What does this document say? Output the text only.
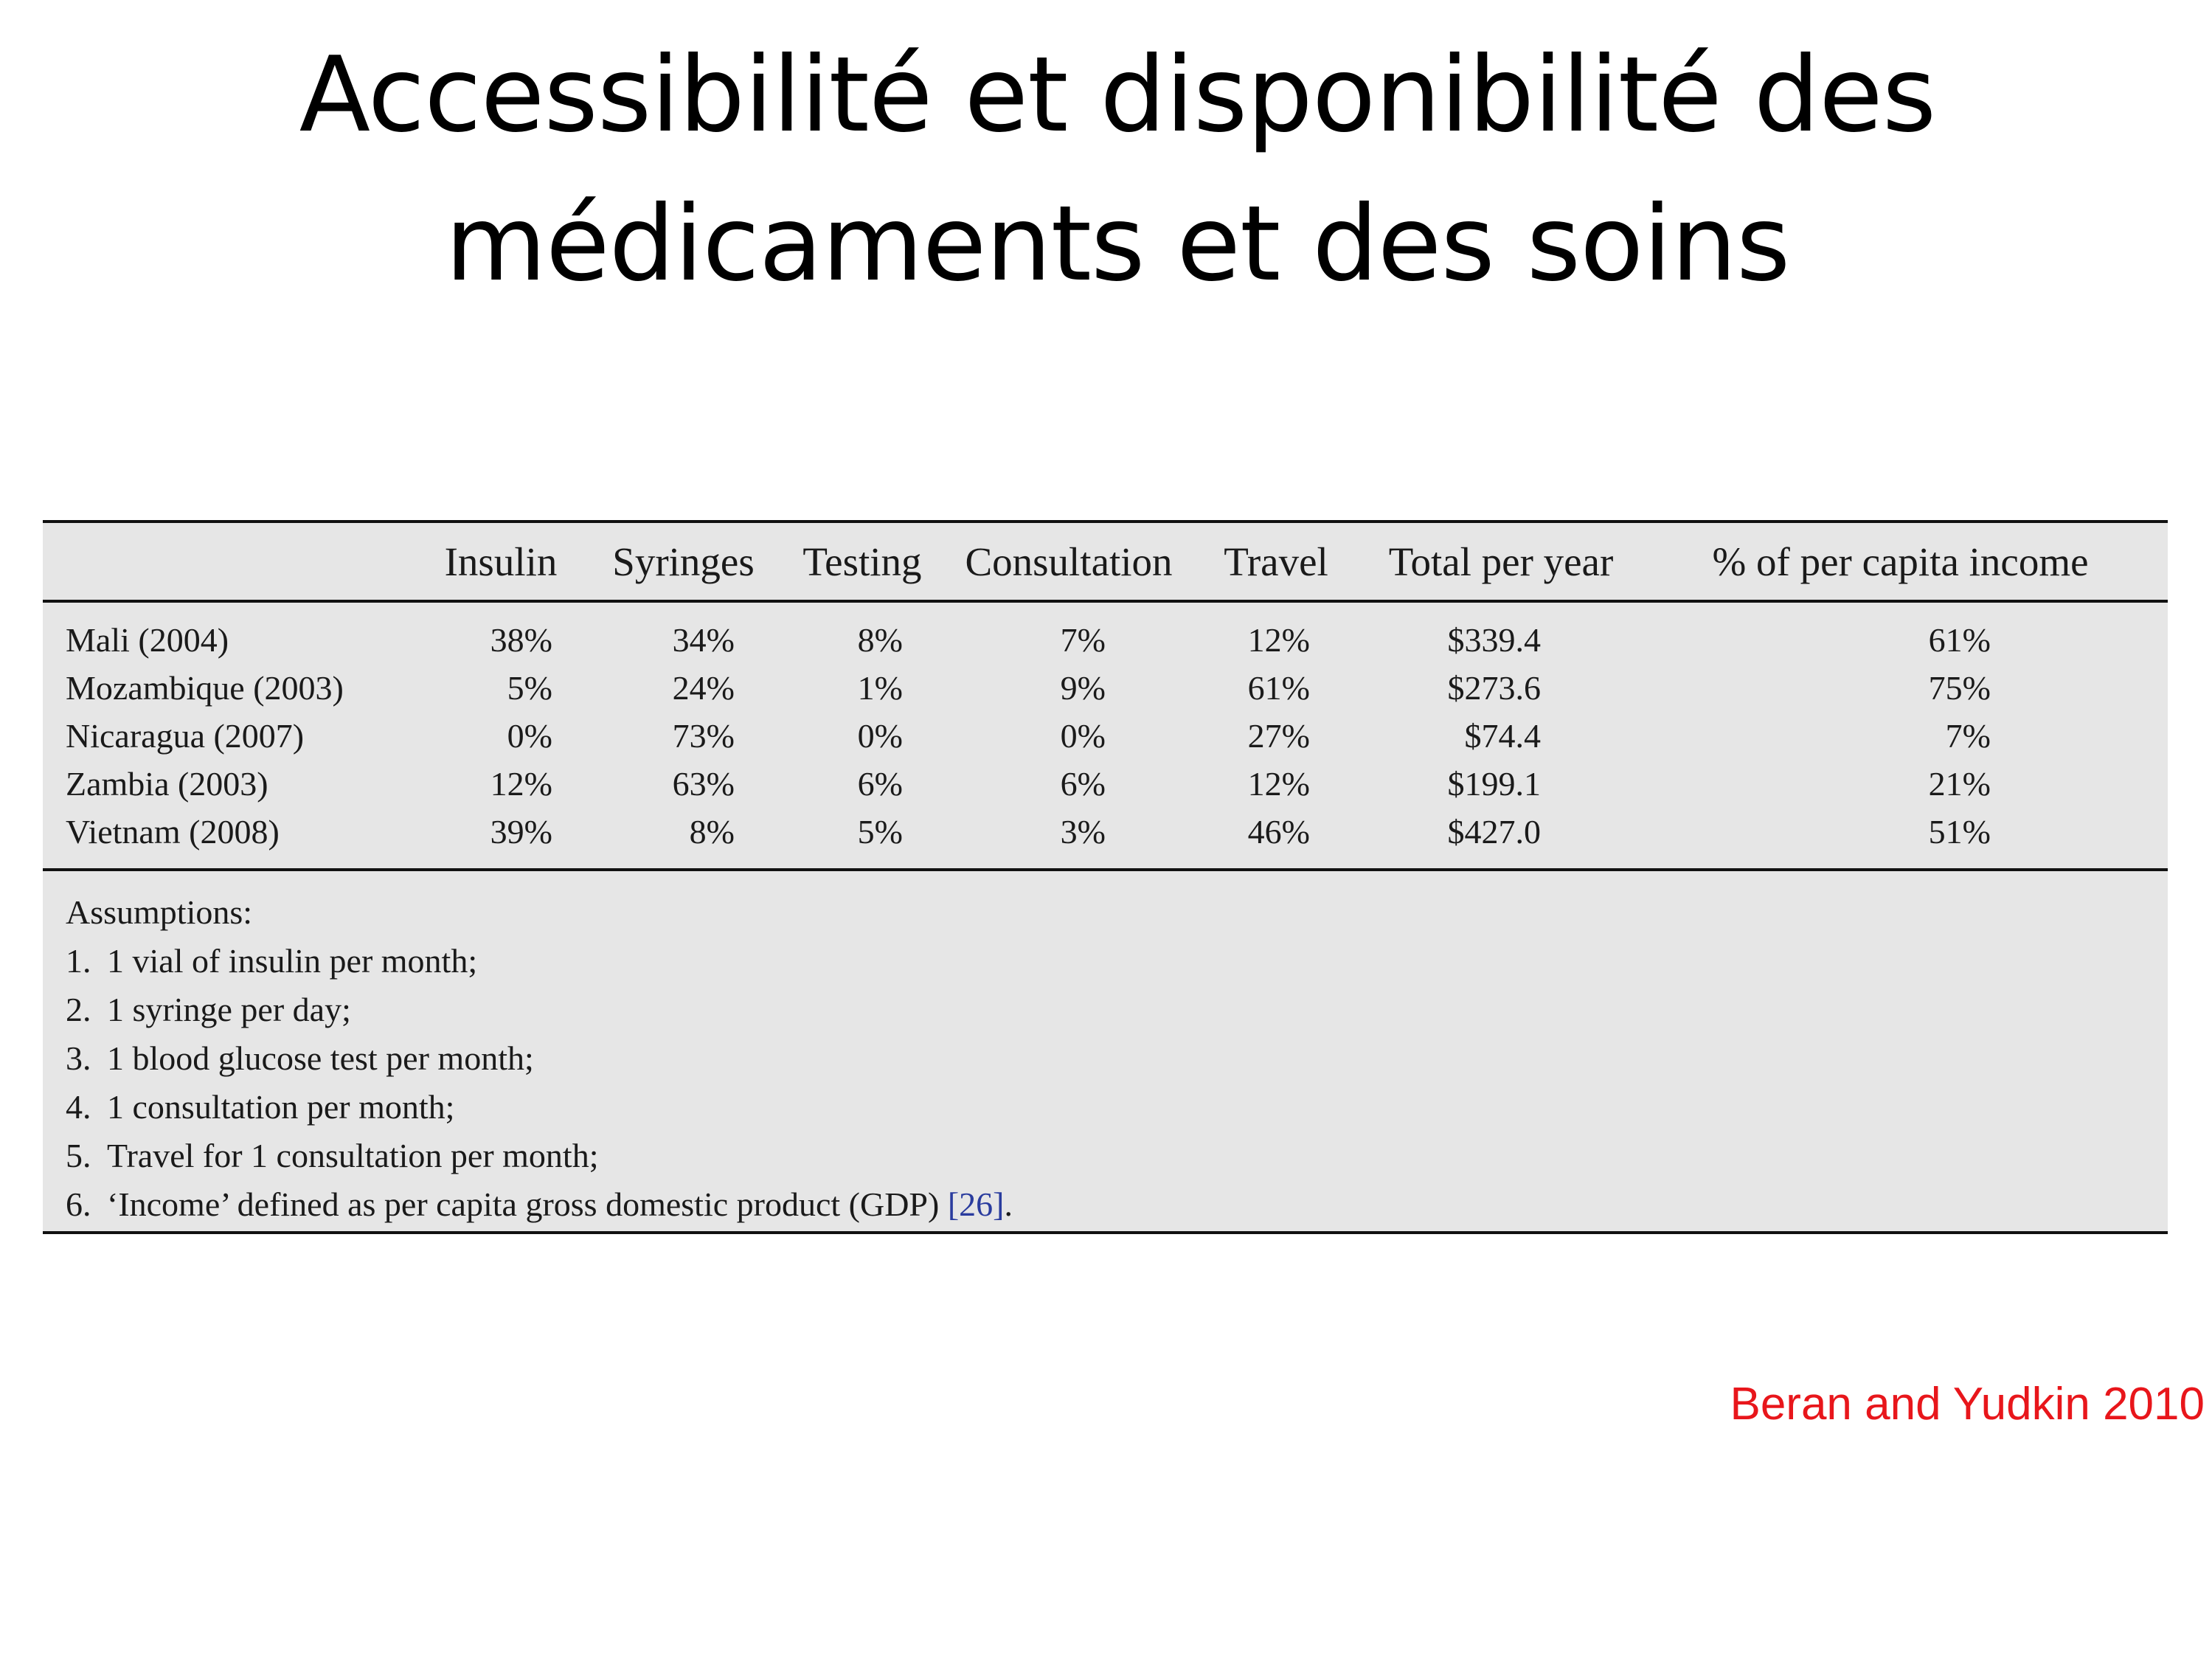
Accessibilité et disponibilité des
médicaments et des soins
	Insulin	Syringes	Testing	Consultation	Travel	Total per year	% of per capita income
Mali (2004)	38%	34%	8%	7%	12%	$339.4	61%
Mozambique (2003)	5%	24%	1%	9%	61%	$273.6	75%
Nicaragua (2007)	0%	73%	0%	0%	27%	$74.4	7%
Zambia (2003)	12%	63%	6%	6%	12%	$199.1	21%
Vietnam (2008)	39%	8%	5%	3%	46%	$427.0	51%
Assumptions:
1. 1 vial of insulin per month;
2. 1 syringe per day;
3. 1 blood glucose test per month;
4. 1 consultation per month;
5. Travel for 1 consultation per month;
6. ‘Income’ defined as per capita gross domestic product (GDP) [26].
Beran and Yudkin 2010
